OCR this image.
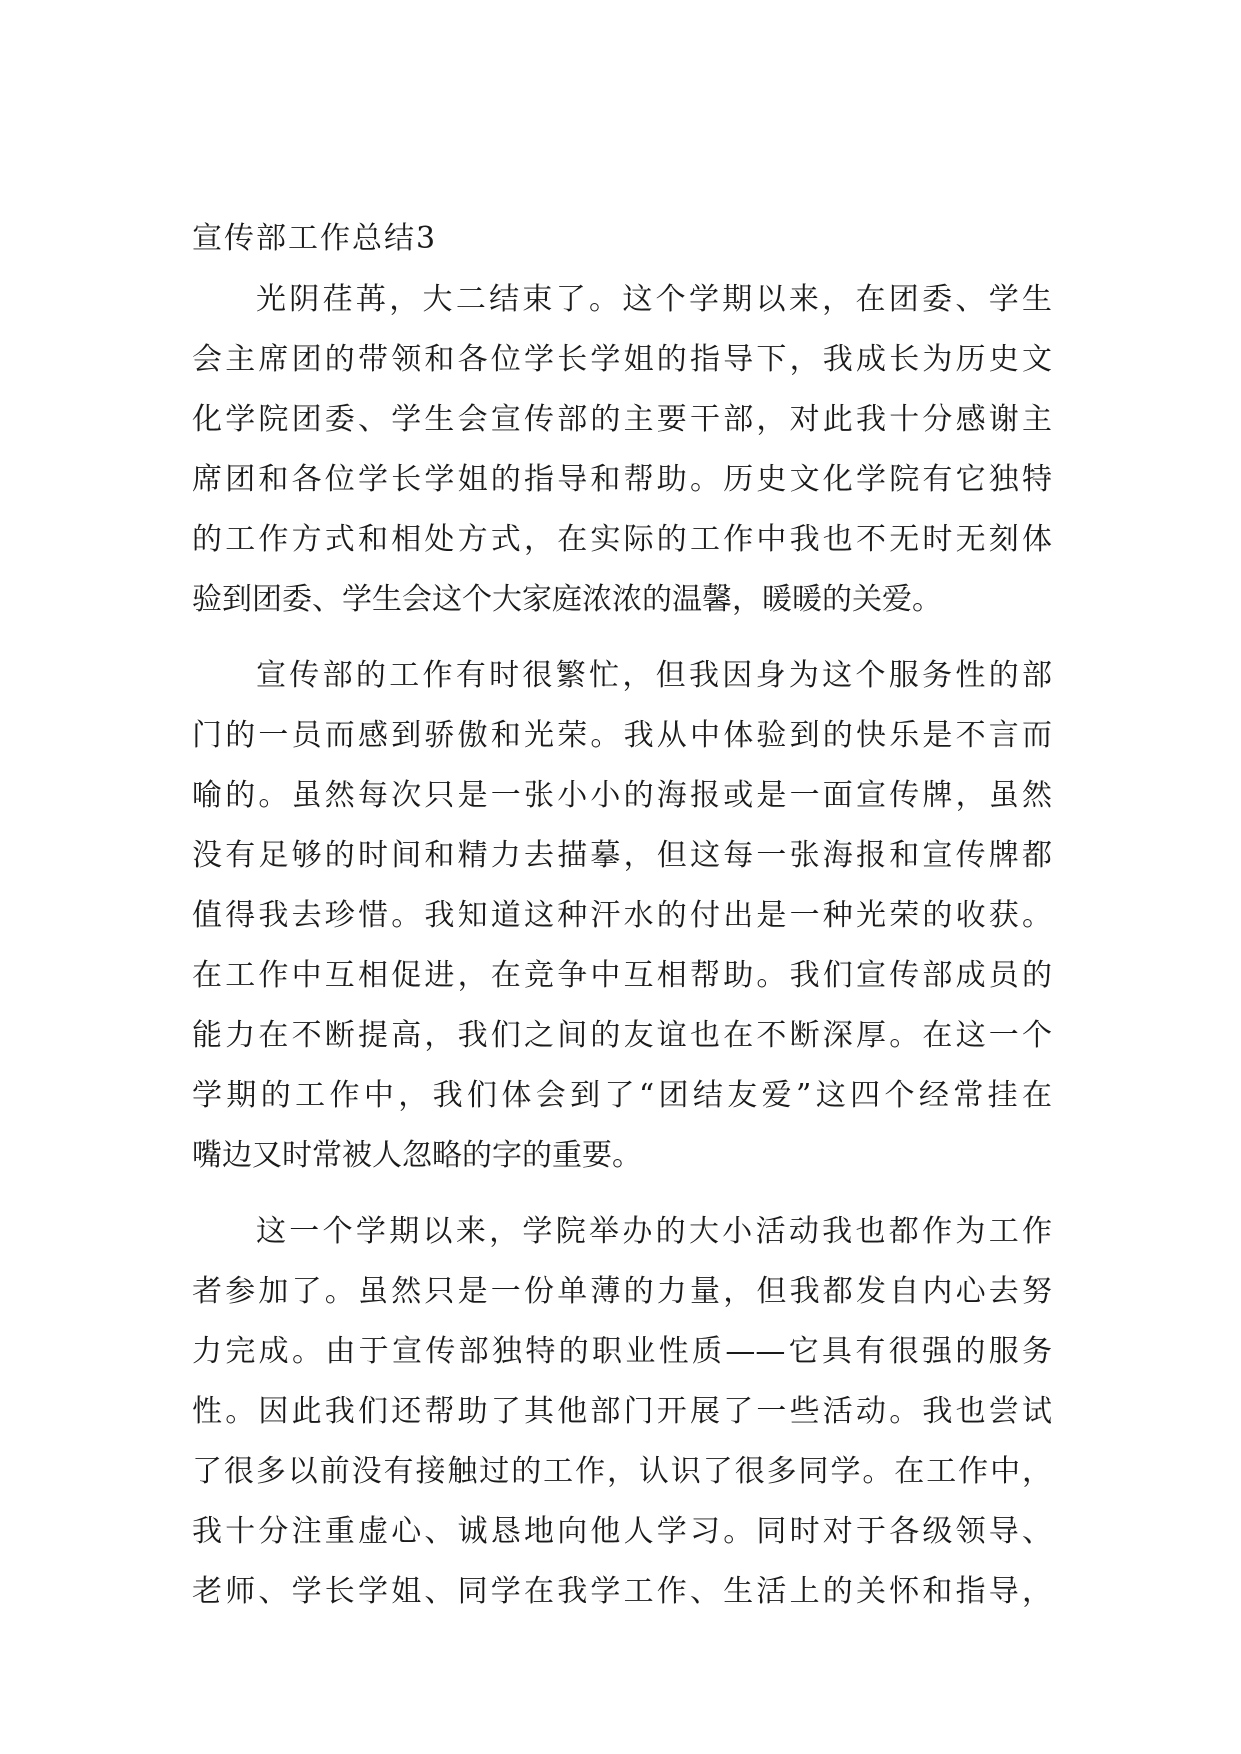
宣传部工作总结3
光阴荏苒，大二结束了。这个学期以来，在团委、学生
会主席团的带领和各位学长学姐的指导下，我成长为历史文
化学院团委、学生会宣传部的主要干部，对此我十分感谢主
席团和各位学长学姐的指导和帮助。历史文化学院有它独特
的工作方式和相处方式，在实际的工作中我也不无时无刻体
验到团委、学生会这个大家庭浓浓的温馨，暖暖的关爱。
宣传部的工作有时很繁忙，但我因身为这个服务性的部
门的一员而感到骄傲和光荣。我从中体验到的快乐是不言而
喻的。虽然每次只是一张小小的海报或是一面宣传牌，虽然
没有足够的时间和精力去描摹，但这每一张海报和宣传牌都
值得我去珍惜。我知道这种汗水的付出是一种光荣的收获。
在工作中互相促进，在竞争中互相帮助。我们宣传部成员的
能力在不断提高，我们之间的友谊也在不断深厚。在这一个
学期的工作中，我们体会到了“团结友爱”这四个经常挂在
嘴边又时常被人忽略的字的重要。
这一个学期以来，学院举办的大小活动我也都作为工作
者参加了。虽然只是一份单薄的力量，但我都发自内心去努
力完成。由于宣传部独特的职业性质——它具有很强的服务
性。因此我们还帮助了其他部门开展了一些活动。我也尝试
了很多以前没有接触过的工作，认识了很多同学。在工作中，
我十分注重虚心、诚恳地向他人学习。同时对于各级领导、
老师、学长学姐、同学在我学工作、生活上的关怀和指导，
